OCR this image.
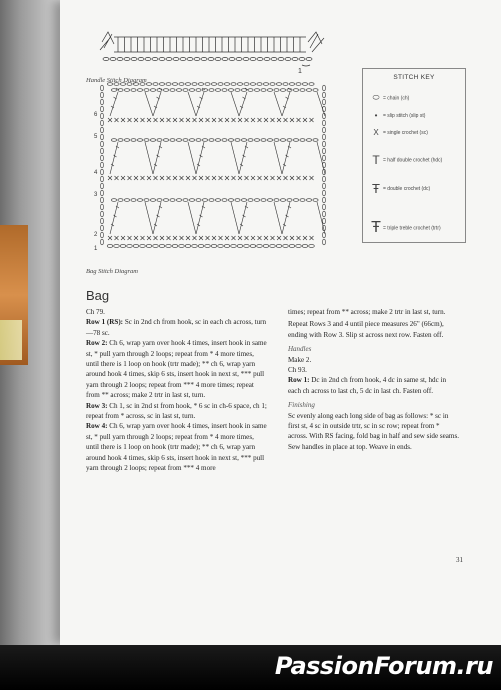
1
6
5
4
3
2
1
Handle Stitch Diagram
Bag Stitch Diagram
STITCH KEY
⬭ = chain (ch)
• = slip stitch (slip st)
X = single crochet (sc)
T = half double crochet (hdc)
Ŧ = double crochet (dc)
Ŧ = triple treble crochet (trtr)
Bag

Ch 79.

Row 1 (RS): Sc in 2nd ch from hook, sc in each ch across, turn—78 sc.

Row 2: Ch 6, wrap yarn over hook 4 times, insert hook in same st, * pull yarn through 2 loops; repeat from * 4 more times, until there is 1 loop on hook (trtr made); ** ch 6, wrap yarn around hook 4 times, skip 6 sts, insert hook in next st, *** pull yarn through 2 loops; repeat from *** 4 more times; repeat from ** across; make 2 trtr in last st, turn.

Row 3: Ch 1, sc in 2nd st from hook, * 6 sc in ch-6 space, ch 1; repeat from * across, sc in last st, turn.

Row 4: Ch 6, wrap yarn over hook 4 times, insert hook in same st, * pull yarn through 2 loops; repeat from * 4 more times, until there is 1 loop on hook (trtr made); ** ch 6, wrap yarn around hook 4 times, skip 6 sts, insert hook in next st, *** pull yarn through 2 loops; repeat from *** 4 more

times; repeat from ** across; make 2 trtr in last st, turn.

Repeat Rows 3 and 4 until piece measures 26" (66cm), ending with Row 3. Slip st across next row. Fasten off.

Handles

Make 2.

Ch 93.

Row 1: Dc in 2nd ch from hook, 4 dc in same st, hdc in each ch across to last ch, 5 dc in last ch. Fasten off.

Finishing

Sc evenly along each long side of bag as follows: * sc in first st, 4 sc in outside trtr, sc in sc row; repeat from * across. With RS facing, fold bag in half and sew side seams. Sew handles in place at top. Weave in ends.

31
PassionForum.ru
